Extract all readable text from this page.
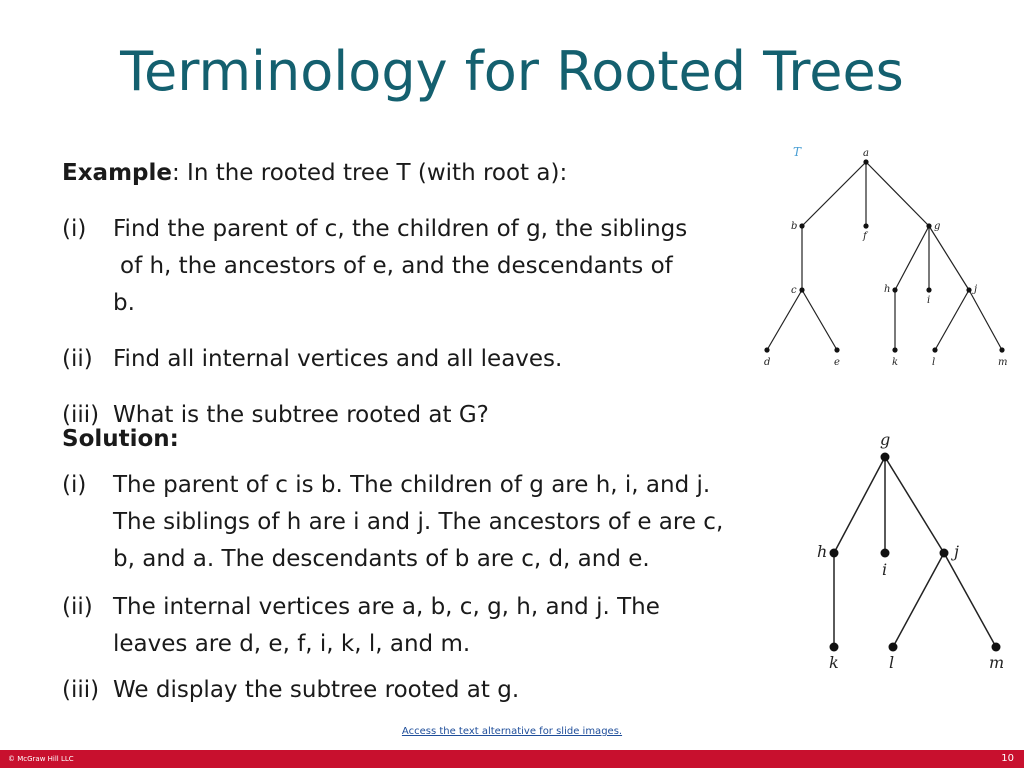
Terminology for Rooted Trees
Example: In the rooted tree T (with root a):
(i) Find the parent of c, the children of g, the siblings
of h, the ancestors of e, and the descendants of
b.
(ii) Find all internal vertices and all leaves.
(iii) What is the subtree rooted at G?
Solution:
(i) The parent of c is b. The children of g are h, i, and j.
The siblings of h are i and j. The ancestors of e are c,
b, and a. The descendants of b are c, d, and e.
(ii) The internal vertices are a, b, c, g, h, and j. The
leaves are d, e, f, i, k, l, and m.
(iii) We display the subtree rooted at g.
T	a
b
f
g
c	h
i
j
d	e	k	l	m
g
h
i
j
k	l	m
Access the text alternative for slide images.
© McGraw Hill LLC	10
